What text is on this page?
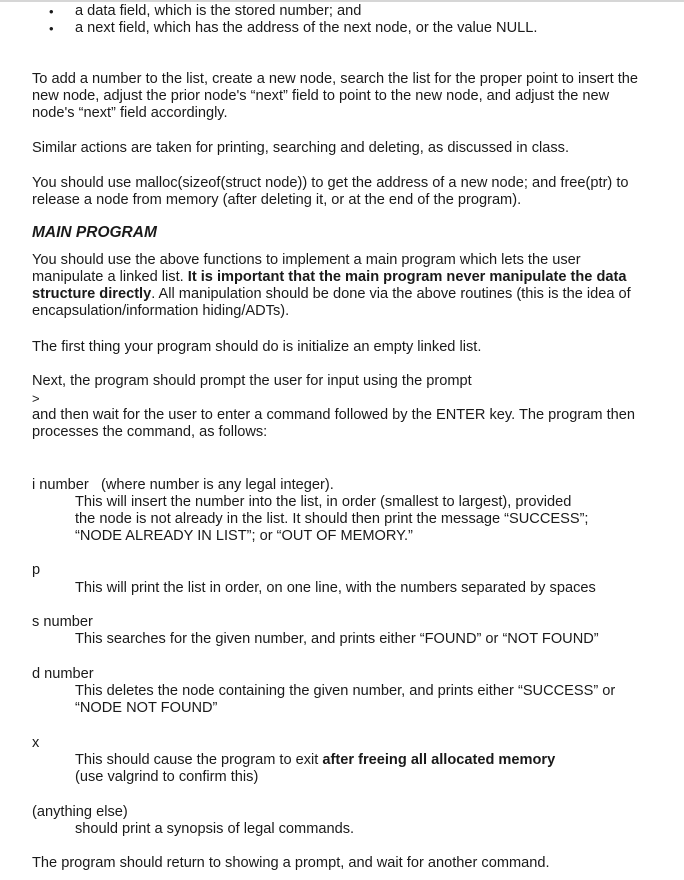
• a data field, which is the stored number; and
• a next field, which has the address of the next node, or the value NULL.

To add a number to the list, create a new node, search the list for the proper point to insert the new node, adjust the prior node's “next” field to point to the new node, and adjust the new node's “next” field accordingly.

Similar actions are taken for printing, searching and deleting, as discussed in class.

You should use malloc(sizeof(struct node)) to get the address of a new node; and free(ptr) to release a node from memory (after deleting it, or at the end of the program).

MAIN PROGRAM

You should use the above functions to implement a main program which lets the user manipulate a linked list. It is important that the main program never manipulate the data structure directly. All manipulation should be done via the above routines (this is the idea of encapsulation/information hiding/ADTs).

The first thing your program should do is initialize an empty linked list.

Next, the program should prompt the user for input using the prompt

>

and then wait for the user to enter a command followed by the ENTER key. The program then processes the command, as follows:

i number (where number is any legal integer).

This will insert the number into the list, in order (smallest to largest), provided the node is not already in the list. It should then print the message “SUCCESS”; “NODE ALREADY IN LIST”; or “OUT OF MEMORY.”

p

This will print the list in order, on one line, with the numbers separated by spaces

s number

This searches for the given number, and prints either “FOUND” or “NOT FOUND”

d number

This deletes the node containing the given number, and prints either “SUCCESS” or “NODE NOT FOUND”

x

This should cause the program to exit after freeing all allocated memory
(use valgrind to confirm this)

(anything else)

should print a synopsis of legal commands.

The program should return to showing a prompt, and wait for another command.
